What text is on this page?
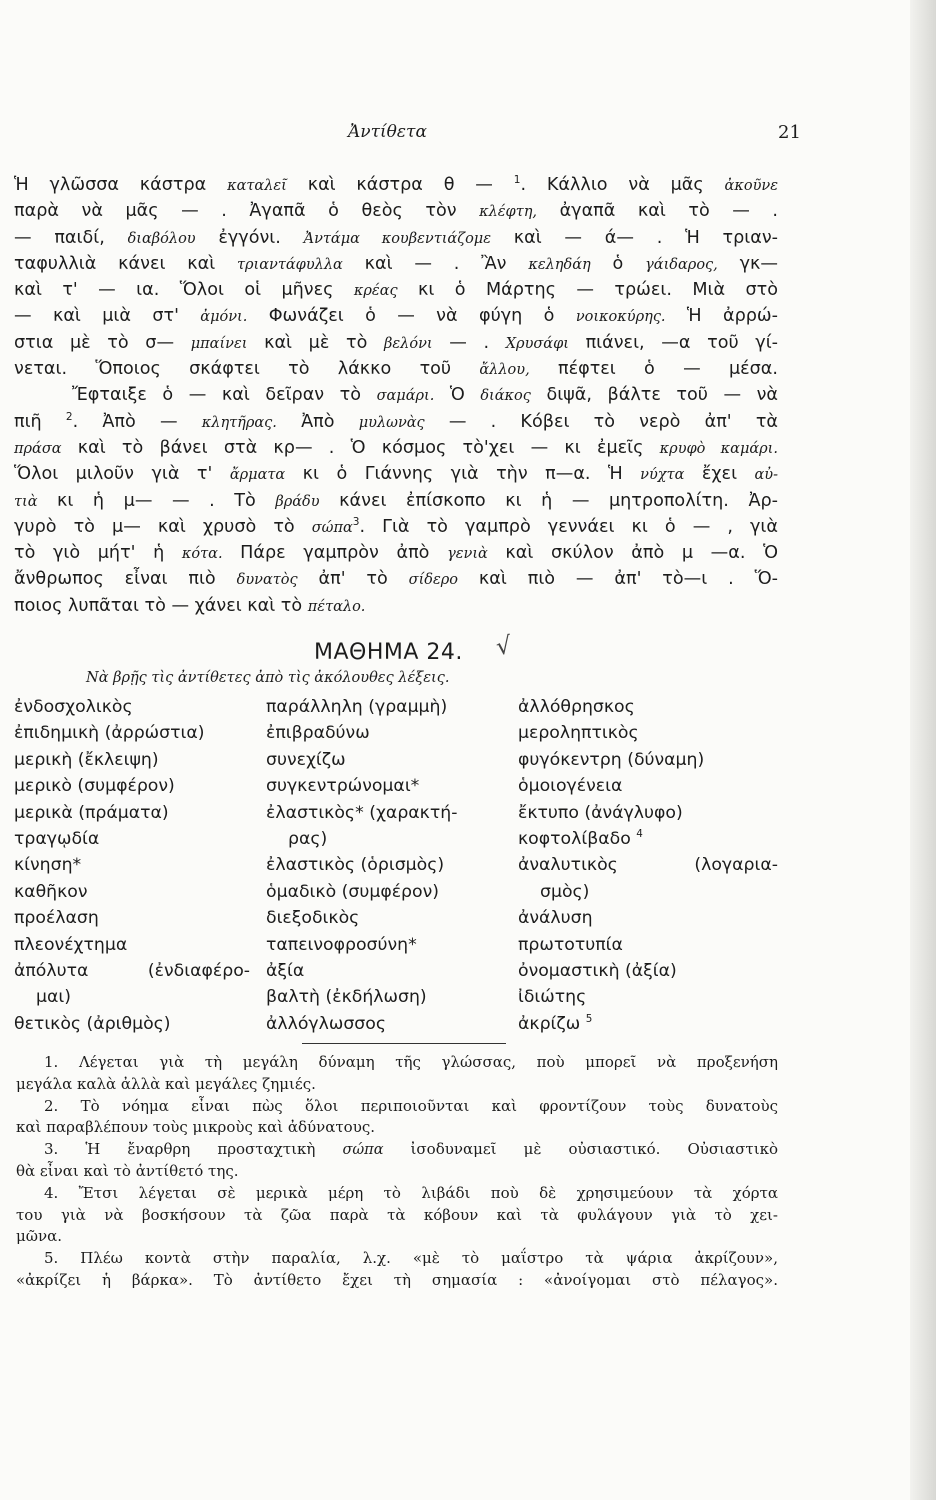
Ἀντίθετα	21
Ἡ γλῶσσα κάστρα καταλεῖ καὶ κάστρα θ — $^1$. Κάλλιο νὰ μᾶς ἀκοῦνε
παρὰ νὰ μᾶς — . Ἀγαπᾶ ὁ θεὸς τὸν κλέφτη, ἀγαπᾶ καὶ τὸ — .
— παιδί, διαβόλου ἐγγόνι. Ἀντάμα κουβεντιάζομε καὶ — ά— . Ἡ τριαν-
ταφυλλιὰ κάνει καὶ τριαντάφυλλα καὶ — . Ἂν κεληδάη ὁ γάιδαρος, γκ—
καὶ τ' — ια. Ὅλοι οἱ μῆνες κρέας κι ὁ Μάρτης — τρώει. Μιὰ στὸ
— καὶ μιὰ στ' ἀμόνι. Φωνάζει ὁ — νὰ φύγη ὁ νοικοκύρης. Ἡ ἀρρώ-
στια μὲ τὸ σ— μπαίνει καὶ μὲ τὸ βελόνι — . Χρυσάφι πιάνει, —α τοῦ γί-
νεται. Ὅποιος σκάφτει τὸ λάκκο τοῦ ἄλλου, πέφτει ὁ — μέσα.
Ἔφταιξε ὁ — καὶ δεῖραν τὸ σαμάρι. Ὁ διάκος διψᾶ, βάλτε τοῦ — νὰ
πιῆ $^2$. Ἀπὸ — κλητῆρας. Ἀπὸ μυλωνὰς — . Κόβει τὸ νερὸ ἀπ' τὰ
πράσα καὶ τὸ βάνει στὰ κρ— . Ὁ κόσμος τὸ'χει — κι ἐμεῖς κρυφὸ καμάρι.
Ὅλοι μιλοῦν γιὰ τ' ἄρματα κι ὁ Γιάννης γιὰ τὴν π—α. Ἡ νύχτα ἔχει αὐ-
τιὰ κι ἡ μ— — . Τὸ βράδυ κάνει ἐπίσκοπο κι ἡ — μητροπολίτη. Ἀρ-
γυρὸ τὸ μ— καὶ χρυσὸ τὸ σώπα$^3$. Γιὰ τὸ γαμπρὸ γεννάει κι ὁ — , γιὰ
τὸ γιὸ μήτ' ἡ κότα. Πάρε γαμπρὸν ἀπὸ γενιὰ καὶ σκύλον ἀπὸ μ —α. Ὁ
ἄνθρωπος εἶναι πιὸ δυνατὸς ἀπ' τὸ σίδερο καὶ πιὸ — ἀπ' τὸ—ι . Ὅ-
ποιος λυπᾶται τὸ — χάνει καὶ τὸ πέταλο.
ΜΑΘΗΜΑ 24. √
Νὰ βρῇς τὶς ἀντίθετες ἀπὸ τὶς ἀκόλουθες λέξεις.
ἐνδοσχολικὸς
ἐπιδημικὴ (ἀρρώστια)
μερικὴ (ἔκλειψη)
μερικὸ (συμφέρον)
μερικὰ (πράματα)
τραγῳδία
κίνηση*
καθῆκον
προέλαση
πλεονέχτημα
ἀπόλυτα (ἐνδιαφέρο-
μαι)
θετικὸς (ἀριθμὸς)
παράλληλη (γραμμὴ)
ἐπιβραδύνω
συνεχίζω
συγκεντρώνομαι*
ἐλαστικὸς* (χαρακτή-
ρας)
ἐλαστικὸς (ὁρισμὸς)
ὁμαδικὸ (συμφέρον)
διεξοδικὸς
ταπεινοφροσύνη*
ἀξία
βαλτὴ (ἐκδήλωση)
ἀλλόγλωσσος
ἀλλόθρησκος
μεροληπτικὸς
φυγόκεντρη (δύναμη)
ὁμοιογένεια
ἔκτυπο (ἀνάγλυφο)
κοφτολίβαδο $^4$
ἀναλυτικὸς (λογαρια-
σμὸς)
ἀνάλυση
πρωτοτυπία
ὀνομαστικὴ (ἀξία)
ἰδιώτης
ἀκρίζω $^5$
1. Λέγεται γιὰ τὴ μεγάλη δύναμη τῆς γλώσσας, ποὺ μπορεῖ νὰ προξενήση
μεγάλα καλὰ ἀλλὰ καὶ μεγάλες ζημιές.
2. Τὸ νόημα εἶναι πὼς ὅλοι περιποιοῦνται καὶ φροντίζουν τοὺς δυνατοὺς
καὶ παραβλέπουν τοὺς μικροὺς καὶ ἀδύνατους.
3. Ἡ ἔναρθρη προσταχτικὴ σώπα ἰσοδυναμεῖ μὲ οὐσιαστικό. Οὐσιαστικὸ
θὰ εἶναι καὶ τὸ ἀντίθετό της.
4. Ἔτσι λέγεται σὲ μερικὰ μέρη τὸ λιβάδι ποὺ δὲ χρησιμεύουν τὰ χόρτα
του γιὰ νὰ βοσκήσουν τὰ ζῶα παρὰ τὰ κόβουν καὶ τὰ φυλάγουν γιὰ τὸ χει-
μῶνα.
5. Πλέω κοντὰ στὴν παραλία, λ.χ. «μὲ τὸ μαΐστρο τὰ ψάρια ἀκρίζουν»,
«ἀκρίζει ἡ βάρκα». Τὸ ἀντίθετο ἔχει τὴ σημασία : «ἀνοίγομαι στὸ πέλαγος».
